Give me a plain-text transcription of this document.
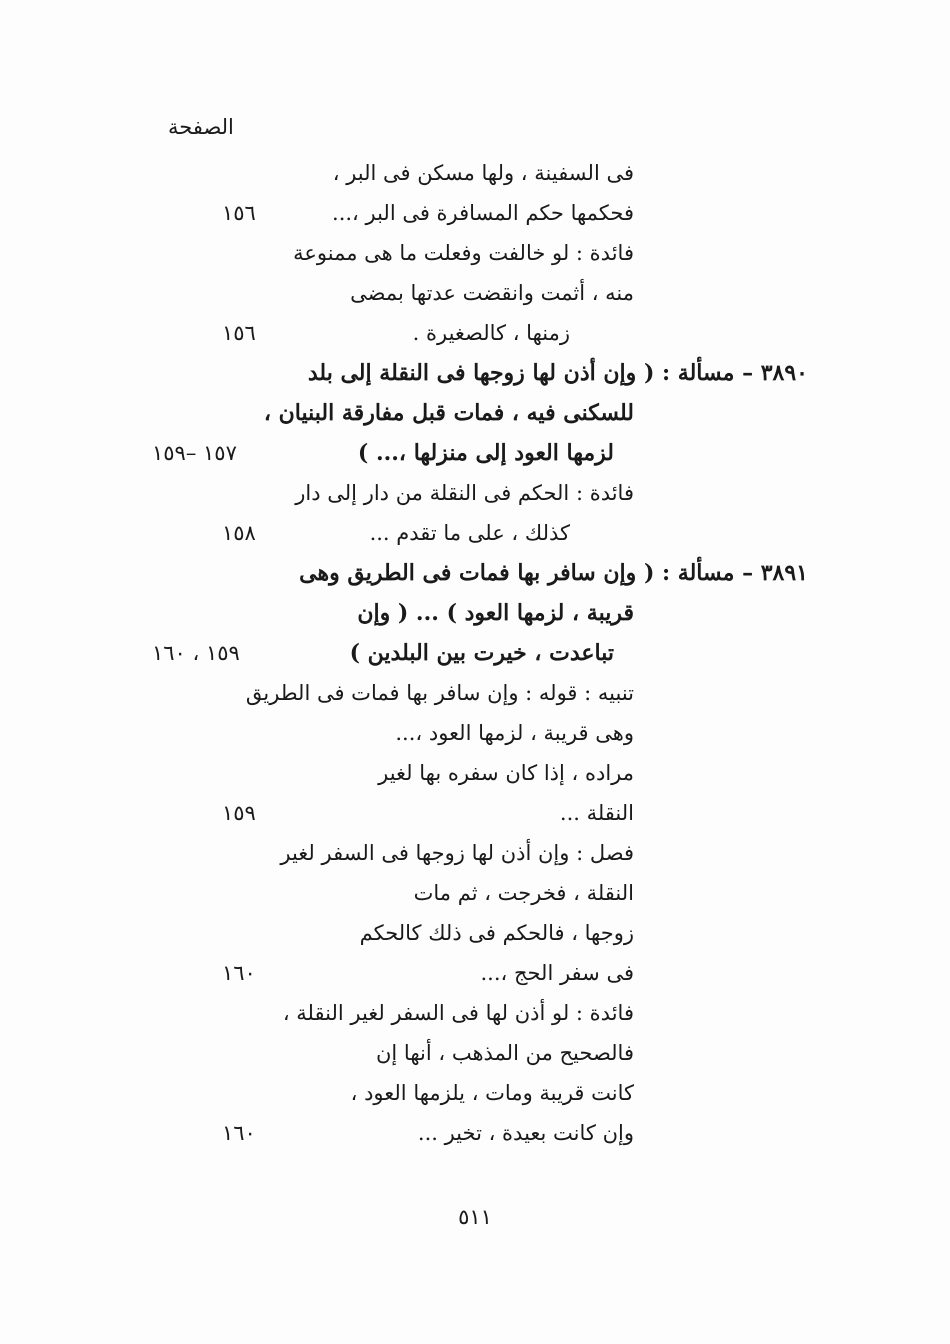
الصفحة
فى السفينة ، ولها مسكن فى البر ،
فحكمها حكم المسافرة فى البر ،...
فائدة : لو خالفت وفعلت ما هى ممنوعة
منه ، أثمت وانقضت عدتها بمضى
زمنها ، كالصغيرة .
٣٨٩٠ – مسألة : ( وإن أذن لها زوجها فى النقلة إلى بلد
للسكنى فيه ، فمات قبل مفارقة البنيان ،
لزمها العود إلى منزلها ،... )
فائدة : الحكم فى النقلة من دار إلى دار
كذلك ، على ما تقدم ...
٣٨٩١ – مسألة : ( وإن سافر بها فمات فى الطريق وهى
قريبة ، لزمها العود ) ... ( وإن
تباعدت ، خيرت بين البلدين )
تنبيه : قوله : وإن سافر بها فمات فى الطريق
وهى قريبة ، لزمها العود ،...
مراده ، إذا كان سفره بها لغير
النقلة ...
فصل : وإن أذن لها زوجها فى السفر لغير
النقلة ، فخرجت ، ثم مات
زوجها ، فالحكم فى ذلك كالحكم
فى سفر الحج ،...
فائدة : لو أذن لها فى السفر لغير النقلة ،
فالصحيح من المذهب ، أنها إن
كانت قريبة ومات ، يلزمها العود ،
وإن كانت بعيدة ، تخير ...
١٥٦
١٥٦
١٥٧ –١٥٩
١٥٨
١٥٩ ، ١٦٠
١٥٩
١٦٠
١٦٠
٥١١
